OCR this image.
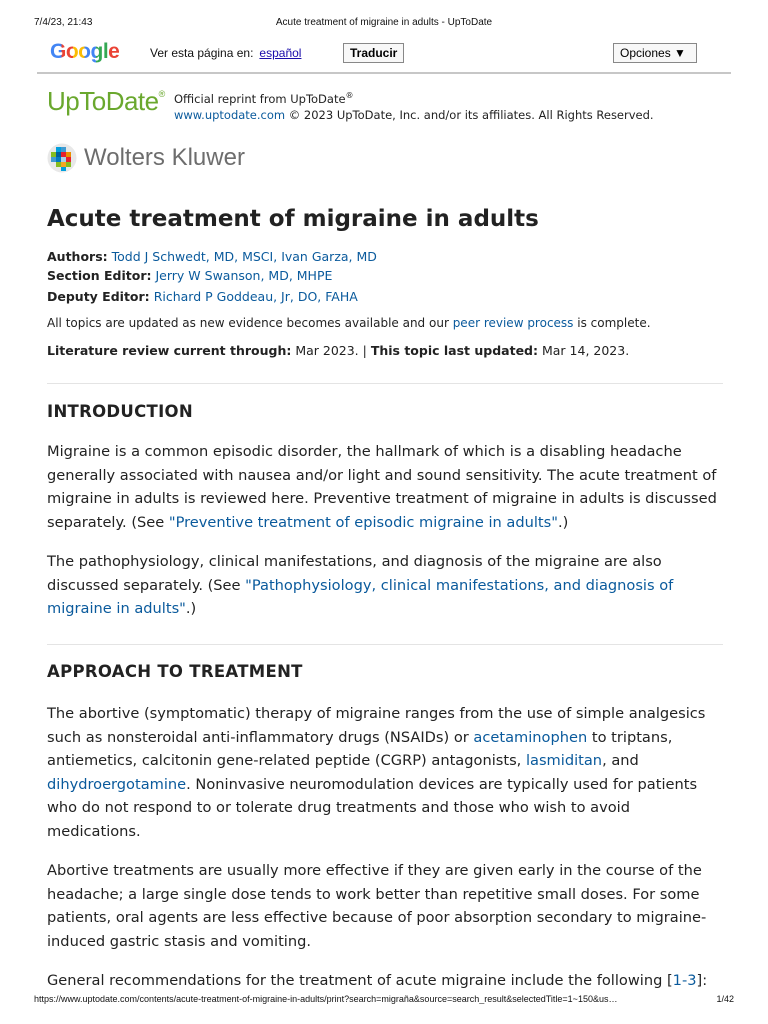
7/4/23, 21:43	Acute treatment of migraine in adults - UpToDate
Google	Ver esta página en: español	Traducir	Opciones ▼
UpToDate® Official reprint from UpToDate®
www.uptodate.com © 2023 UpToDate, Inc. and/or its affiliates. All Rights Reserved.
Wolters Kluwer
Acute treatment of migraine in adults
Authors: Todd J Schwedt, MD, MSCI, Ivan Garza, MD
Section Editor: Jerry W Swanson, MD, MHPE
Deputy Editor: Richard P Goddeau, Jr, DO, FAHA
All topics are updated as new evidence becomes available and our peer review process is complete.
Literature review current through: Mar 2023. | This topic last updated: Mar 14, 2023.
INTRODUCTION

Migraine is a common episodic disorder, the hallmark of which is a disabling headache generally associated with nausea and/or light and sound sensitivity. The acute treatment of migraine in adults is reviewed here. Preventive treatment of migraine in adults is discussed separately. (See "Preventive treatment of episodic migraine in adults".)

The pathophysiology, clinical manifestations, and diagnosis of the migraine are also discussed separately. (See "Pathophysiology, clinical manifestations, and diagnosis of migraine in adults".)

APPROACH TO TREATMENT

The abortive (symptomatic) therapy of migraine ranges from the use of simple analgesics such as nonsteroidal anti-inflammatory drugs (NSAIDs) or acetaminophen to triptans, antiemetics, calcitonin gene-related peptide (CGRP) antagonists, lasmiditan, and dihydroergotamine. Noninvasive neuromodulation devices are typically used for patients who do not respond to or tolerate drug treatments and those who wish to avoid medications.

Abortive treatments are usually more effective if they are given early in the course of the headache; a large single dose tends to work better than repetitive small doses. For some patients, oral agents are less effective because of poor absorption secondary to migraine-induced gastric stasis and vomiting.

General recommendations for the treatment of acute migraine include the following [1-3]:

https://www.uptodate.com/contents/acute-treatment-of-migraine-in-adults/print?search=migraña&source=search_result&selectedTitle=1~150&us…	1/42
